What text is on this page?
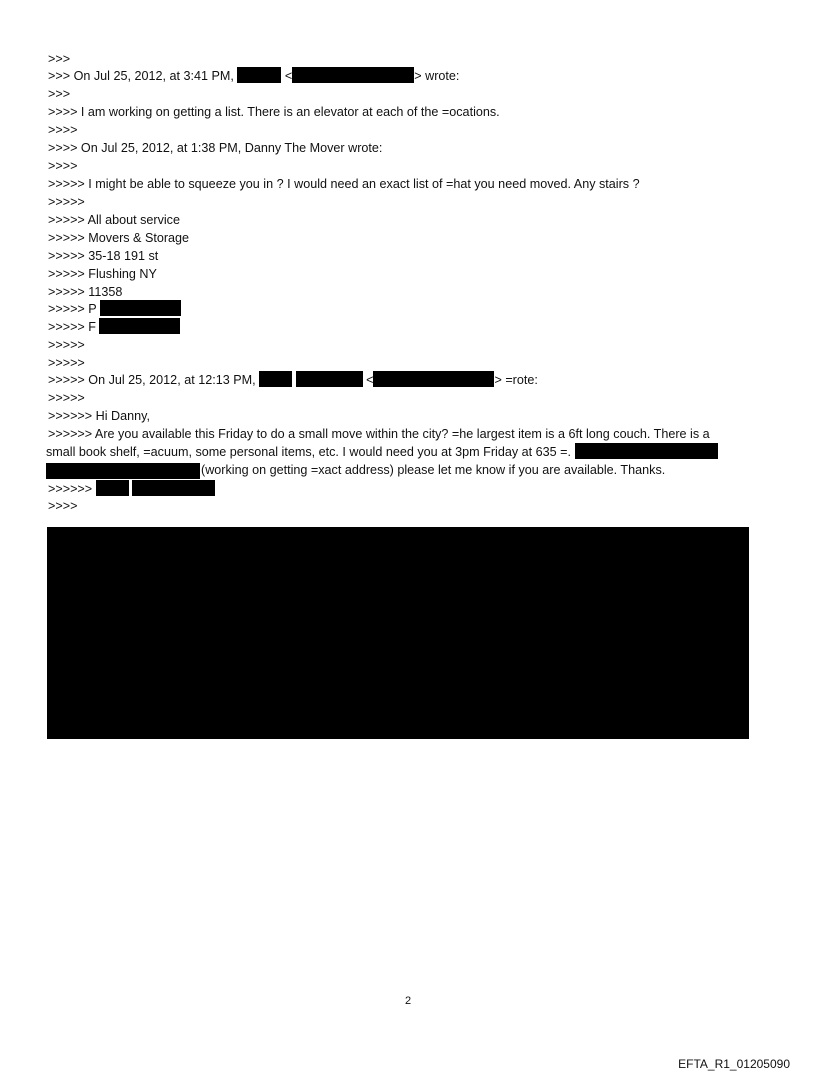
>>>
>>> On Jul 25, 2012, at 3:41 PM,	<	> wrote:
>>>
>>>> I am working on getting a list. There is an elevator at each of the =ocations.
>>>>
>>>> On Jul 25, 2012, at 1:38 PM, Danny The Mover wrote:
>>>>
>>>>> I might be able to squeeze you in ? I would need an exact list of =hat you need moved. Any stairs ?
>>>>>
>>>>> All about service
>>>>> Movers & Storage
>>>>> 35-18 191 st
>>>>> Flushing NY
>>>>> 11358
>>>>> P
>>>>> F
>>>>>
>>>>>
>>>>> On Jul 25, 2012, at 12:13 PM,	<	> =rote:
>>>>>
>>>>>> Hi Danny,
>>>>>> Are you available this Friday to do a small move within the city? =he largest item is a 6ft long couch. There is a
small book shelf, =acuum, some personal items, etc. I would need you at 3pm Friday at 635 =.
(working on getting =xact address) please let me know if you are available. Thanks.
>>>>>>
>>>>
2
EFTA_R1_01205090
